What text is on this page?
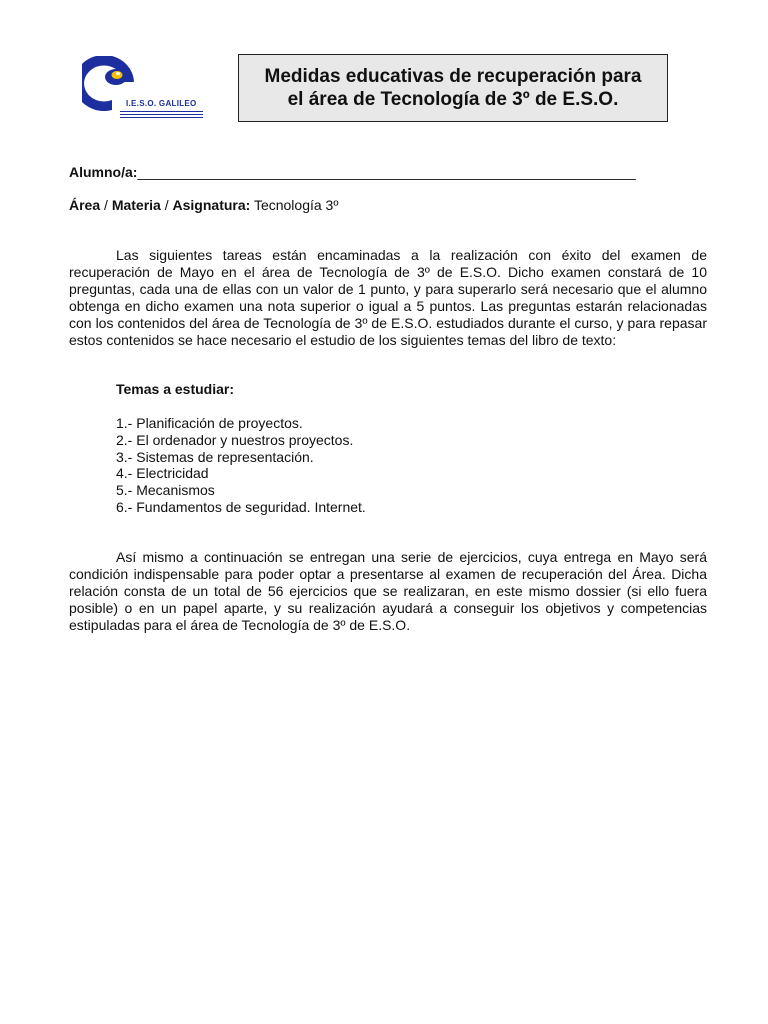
I.E.S.O. GALILEO
Medidas educativas de recuperación para
el área de Tecnología de 3º de E.S.O.
Alumno/a:________________________________________________________________
Área / Materia / Asignatura: Tecnología 3º
Las siguientes tareas están encaminadas a la realización con éxito del examen de recuperación de Mayo en el área de Tecnología de 3º de E.S.O. Dicho examen constará de 10 preguntas, cada una de ellas con un valor de 1 punto, y para superarlo será necesario que el alumno obtenga en dicho examen una nota superior o igual a 5 puntos. Las preguntas estarán relacionadas con los contenidos del área de Tecnología de 3º de E.S.O. estudiados durante el curso, y para repasar estos contenidos se hace necesario el estudio de los siguientes temas del libro de texto:
Temas a estudiar:
1.- Planificación de proyectos.
2.- El ordenador y nuestros proyectos.
3.- Sistemas de representación.
4.- Electricidad
5.- Mecanismos
6.- Fundamentos de seguridad. Internet.
Así mismo a continuación se entregan una serie de ejercicios, cuya entrega en Mayo será condición indispensable para poder optar a presentarse al examen de recuperación del Área. Dicha relación consta de un total de 56 ejercicios que se realizaran, en este mismo dossier (si ello fuera posible) o en un papel aparte, y su realización ayudará a conseguir los objetivos y competencias estipuladas para el área de Tecnología de 3º de E.S.O.
